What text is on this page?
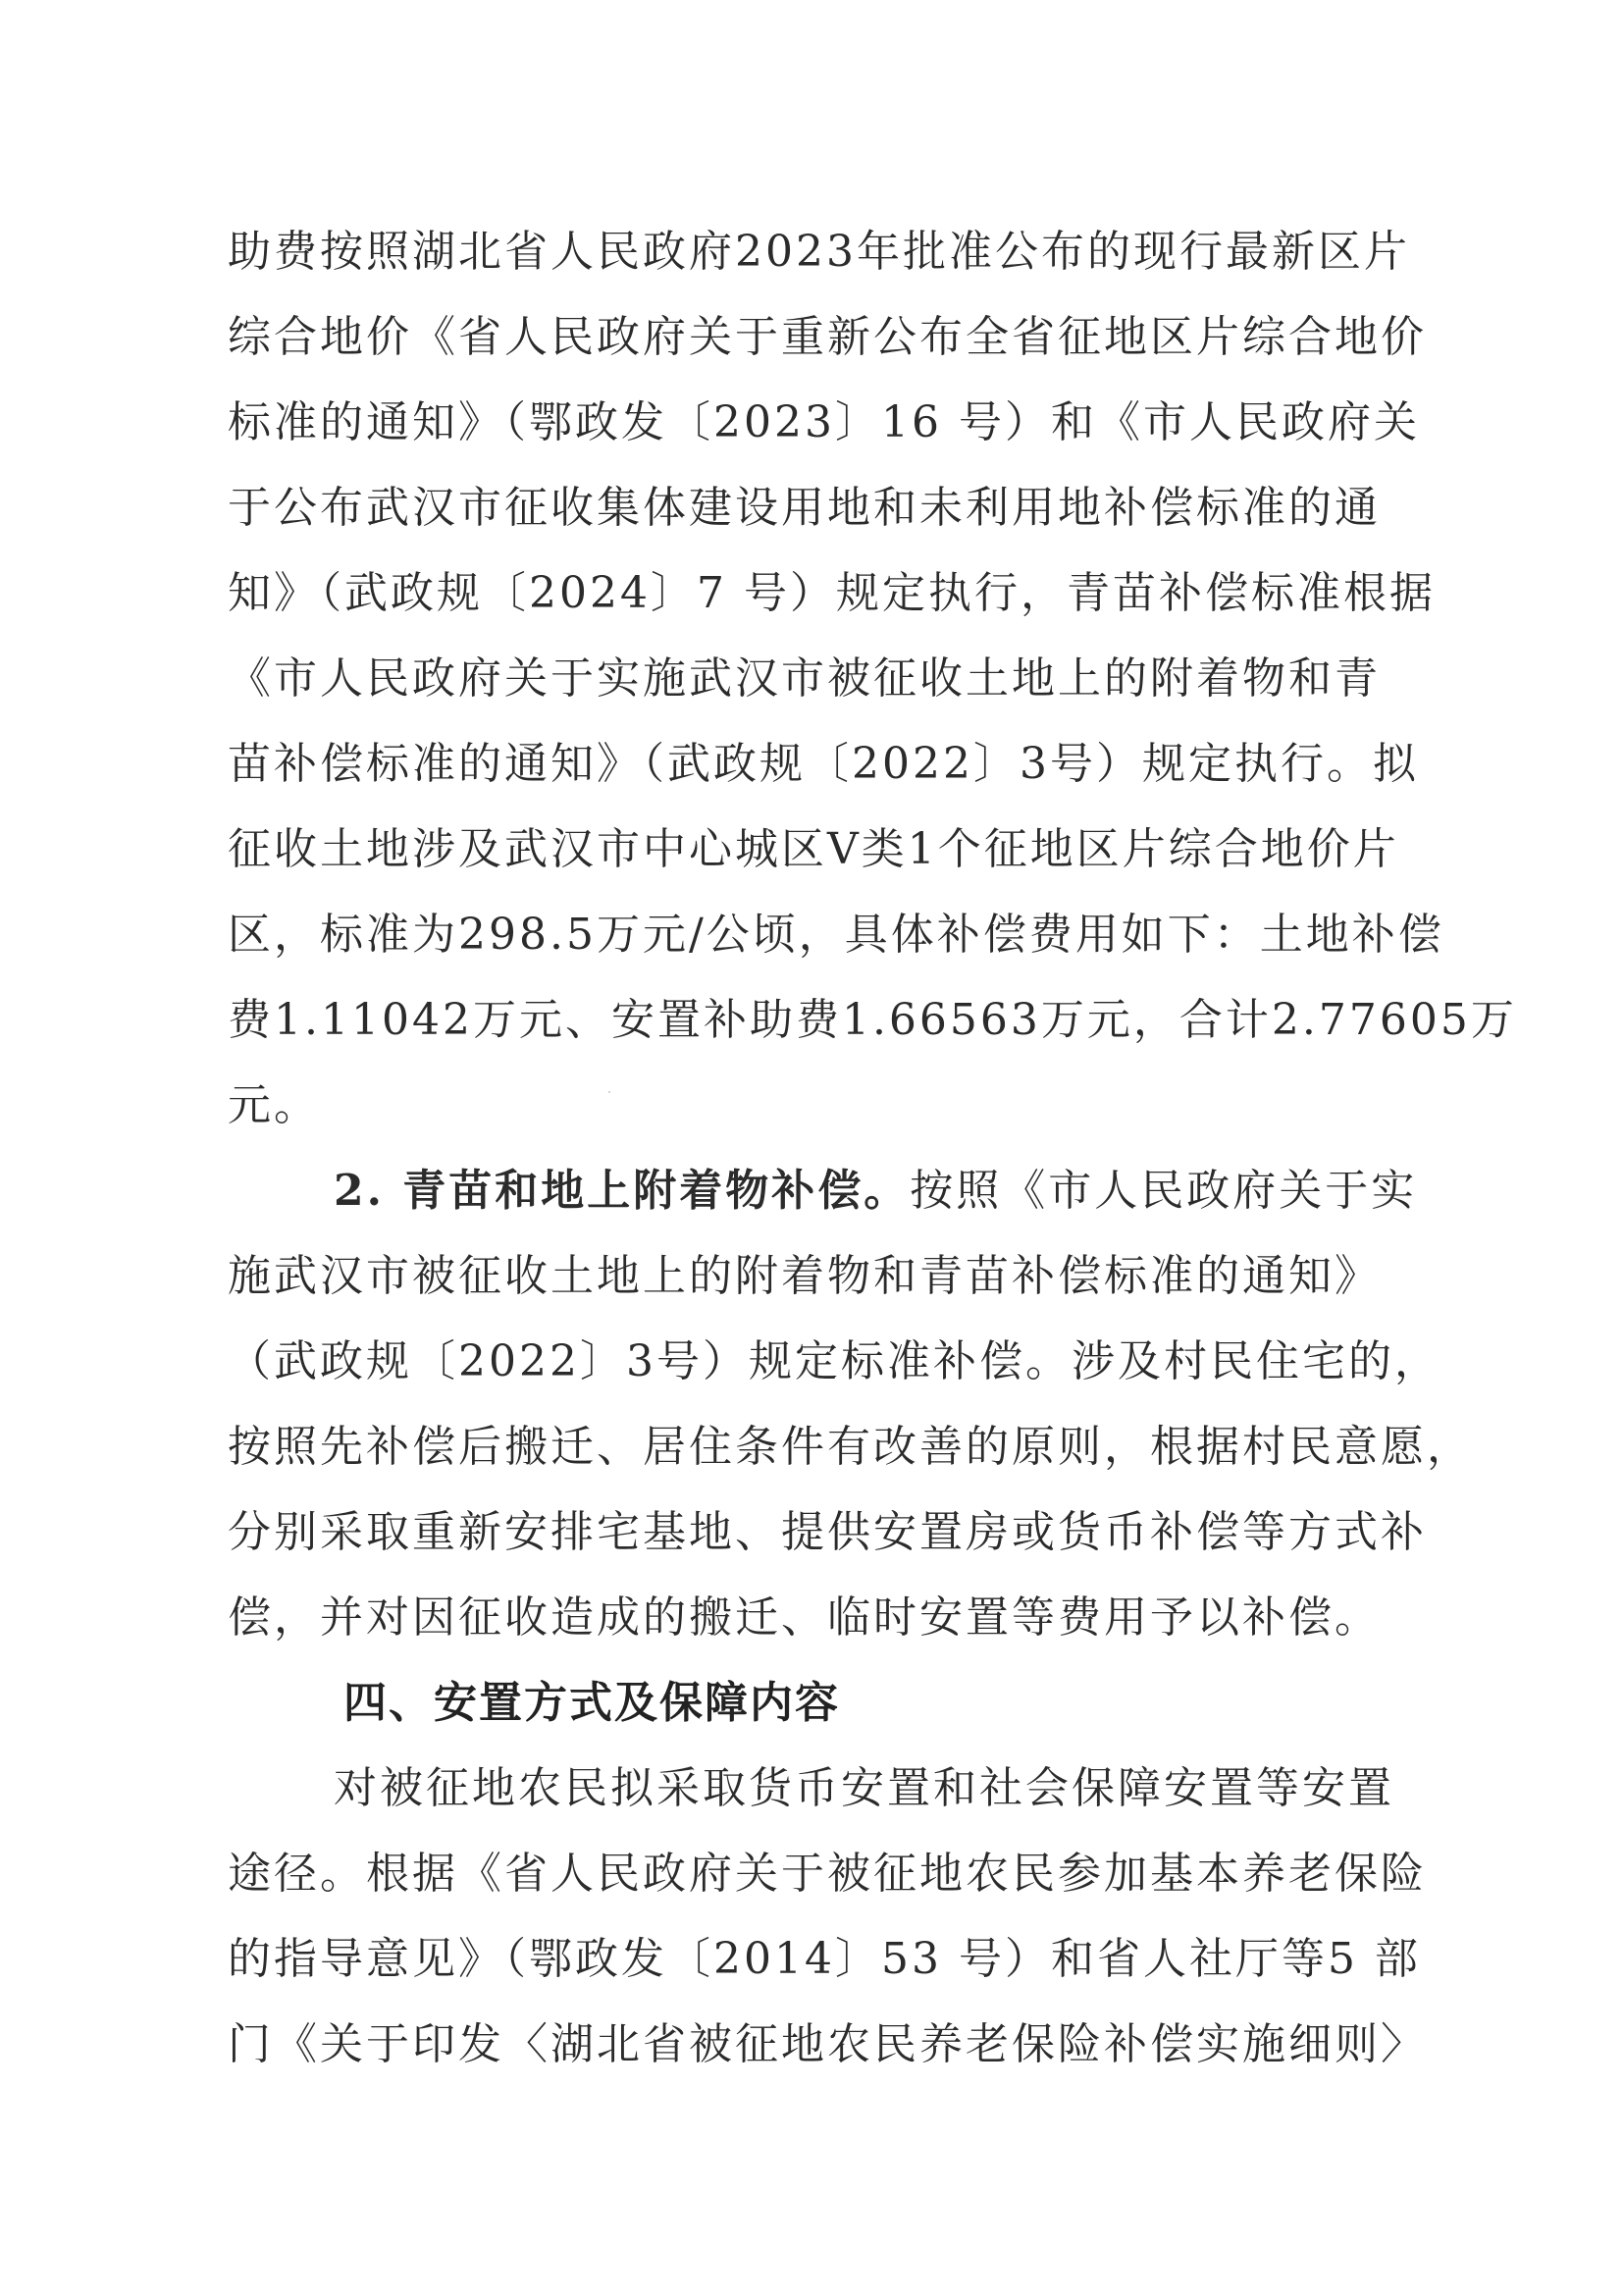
助费按照湖北省人民政府2023年批准公布的现行最新区片
综合地价《省人民政府关于重新公布全省征地区片综合地价
标准的通知》（鄂政发〔2023〕16 号）和《市人民政府关
于公布武汉市征收集体建设用地和未利用地补偿标准的通
知》（武政规〔2024〕7 号）规定执行，青苗补偿标准根据
《市人民政府关于实施武汉市被征收土地上的附着物和青
苗补偿标准的通知》（武政规〔2022〕3号）规定执行。拟
征收土地涉及武汉市中心城区V类1个征地区片综合地价片
区，标准为298.5万元/公顷，具体补偿费用如下：土地补偿
费1.11042万元、安置补助费1.66563万元，合计2.77605万
元。
2. 青苗和地上附着物补偿。按照《市人民政府关于实
施武汉市被征收土地上的附着物和青苗补偿标准的通知》
（武政规〔2022〕3号）规定标准补偿。涉及村民住宅的，
按照先补偿后搬迁、居住条件有改善的原则，根据村民意愿，
分别采取重新安排宅基地、提供安置房或货币补偿等方式补
偿，并对因征收造成的搬迁、临时安置等费用予以补偿。
四、安置方式及保障内容
对被征地农民拟采取货币安置和社会保障安置等安置
途径。根据《省人民政府关于被征地农民参加基本养老保险
的指导意见》（鄂政发〔2014〕53 号）和省人社厅等5 部
门《关于印发〈湖北省被征地农民养老保险补偿实施细则〉
